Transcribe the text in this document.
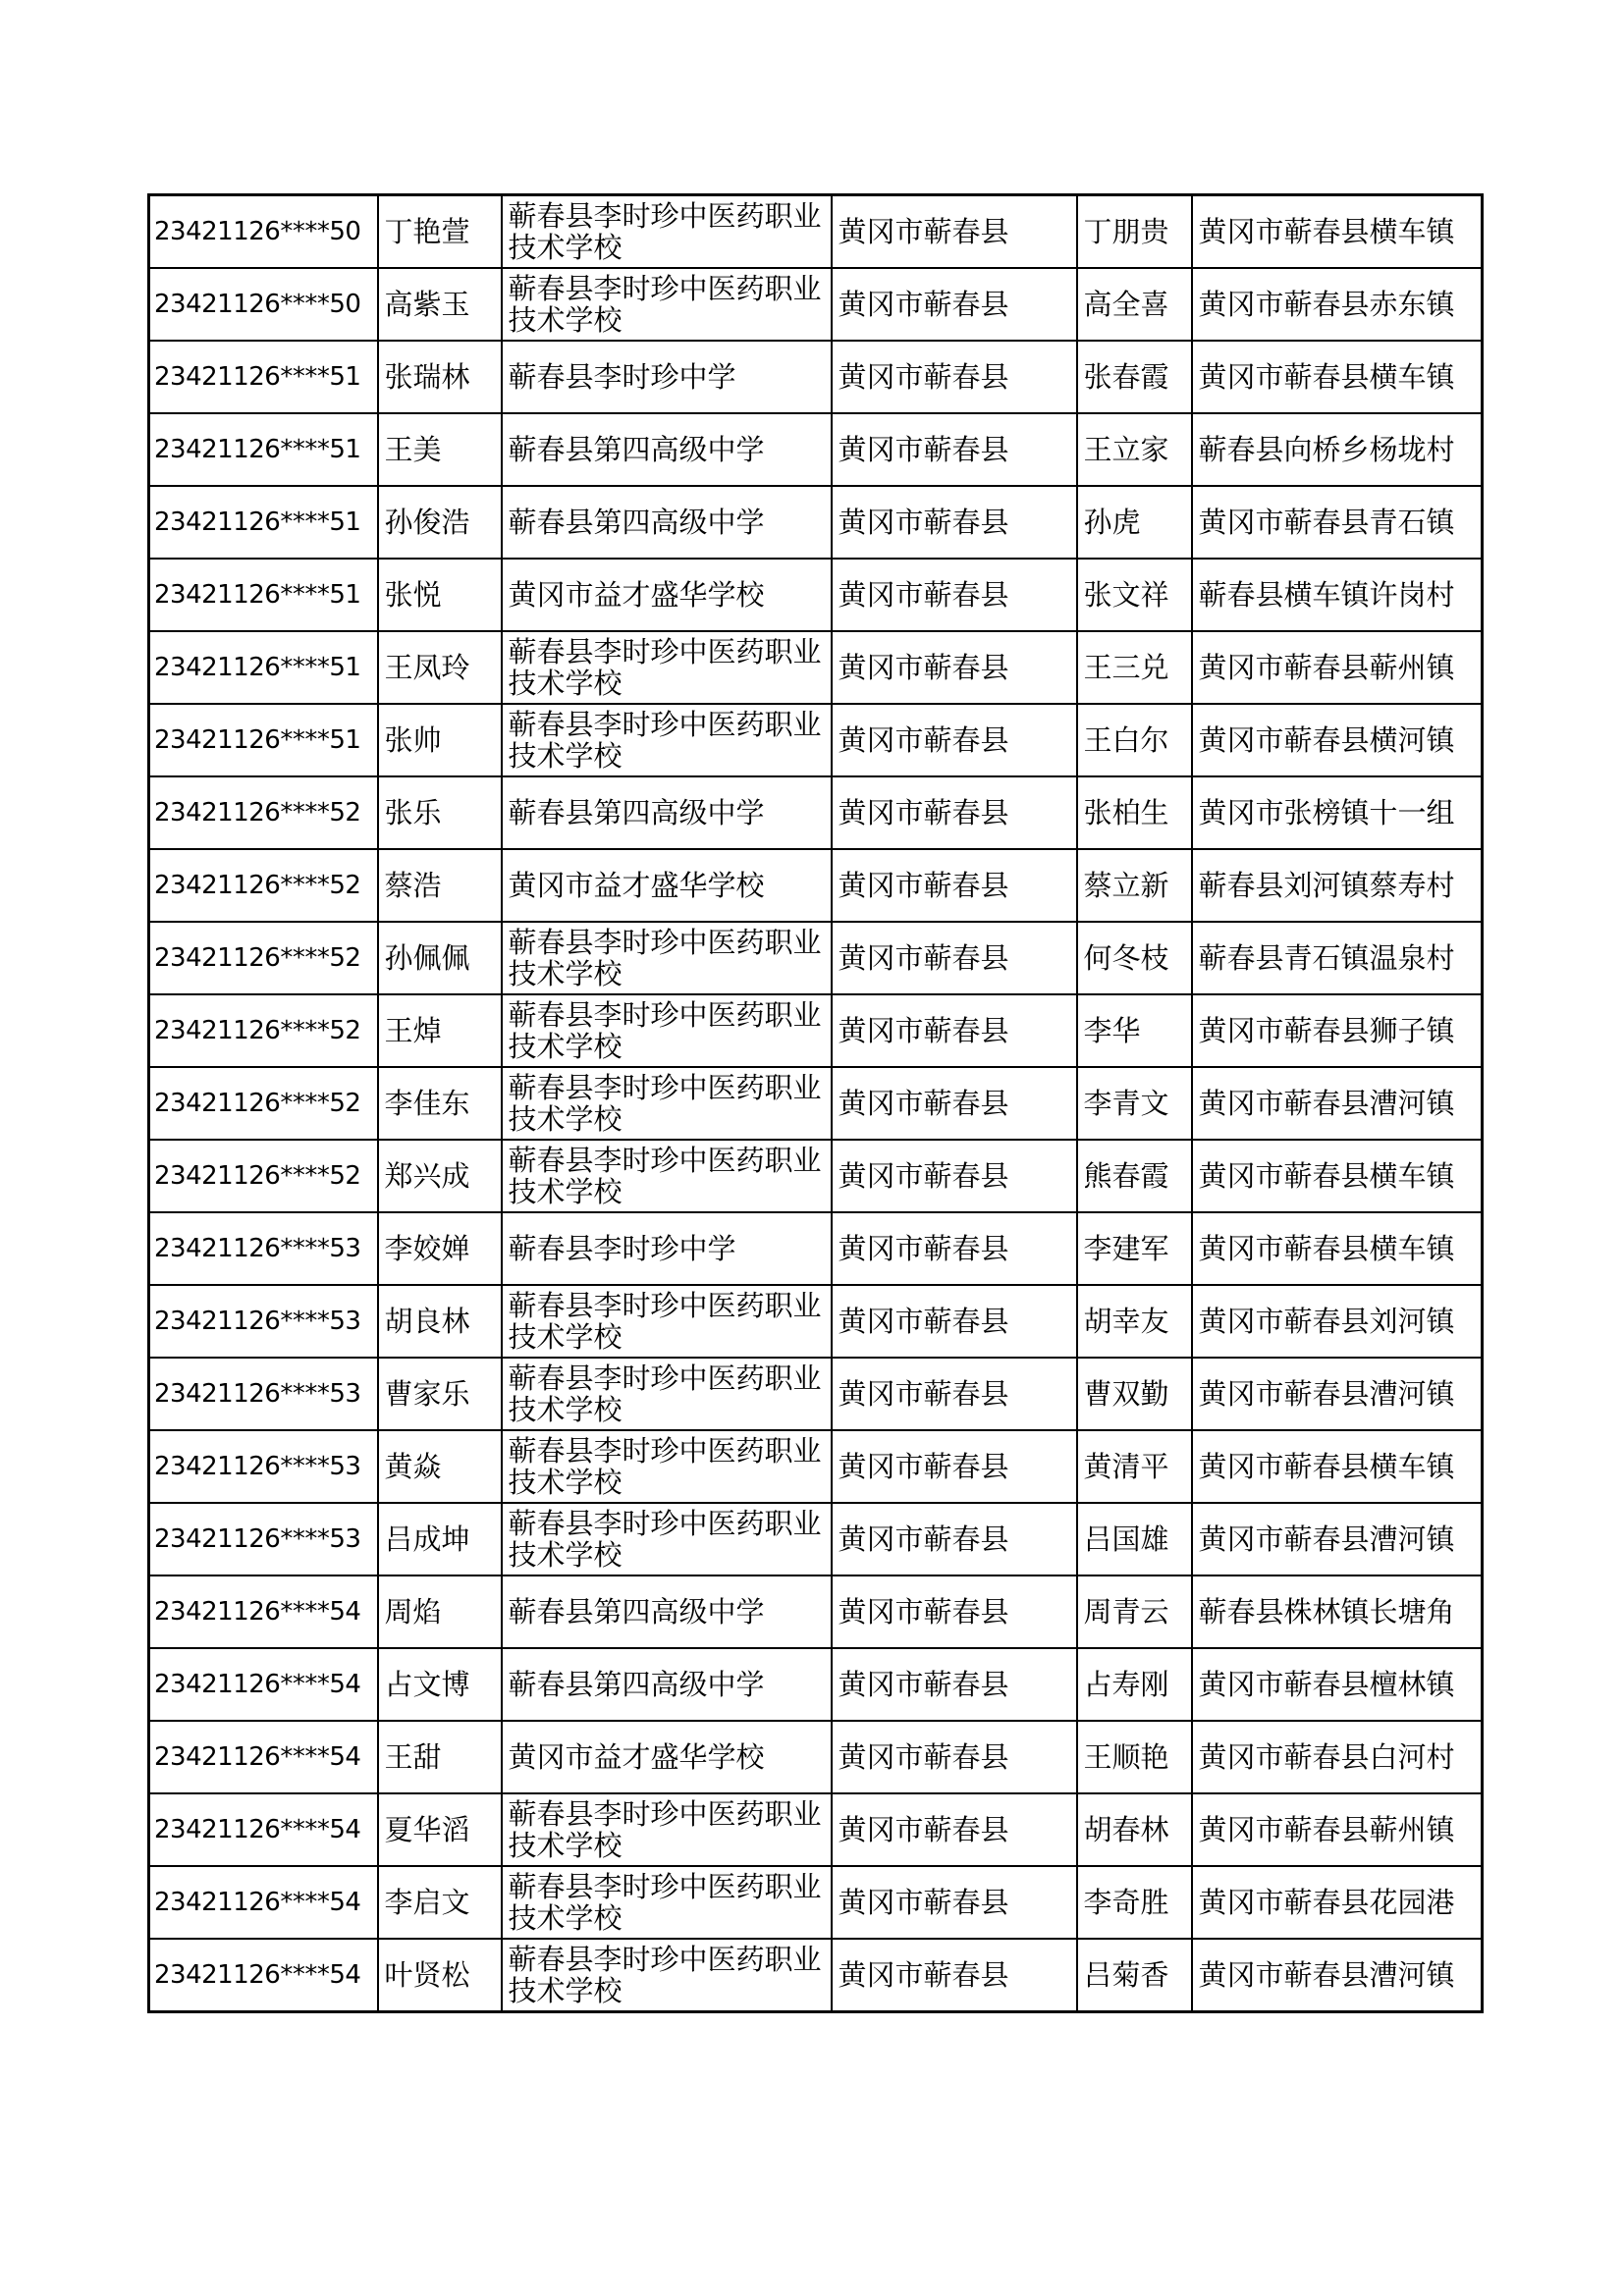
23421126****50	丁艳萱	蕲春县李时珍中医药职业技术学校	黄冈市蕲春县	丁朋贵	黄冈市蕲春县横车镇
23421126****50	高紫玉	蕲春县李时珍中医药职业技术学校	黄冈市蕲春县	高全喜	黄冈市蕲春县赤东镇
23421126****51	张瑞林	蕲春县李时珍中学	黄冈市蕲春县	张春霞	黄冈市蕲春县横车镇
23421126****51	王美	蕲春县第四高级中学	黄冈市蕲春县	王立家	蕲春县向桥乡杨垅村
23421126****51	孙俊浩	蕲春县第四高级中学	黄冈市蕲春县	孙虎	黄冈市蕲春县青石镇
23421126****51	张悦	黄冈市益才盛华学校	黄冈市蕲春县	张文祥	蕲春县横车镇许岗村
23421126****51	王凤玲	蕲春县李时珍中医药职业技术学校	黄冈市蕲春县	王三兑	黄冈市蕲春县蕲州镇
23421126****51	张帅	蕲春县李时珍中医药职业技术学校	黄冈市蕲春县	王白尔	黄冈市蕲春县横河镇
23421126****52	张乐	蕲春县第四高级中学	黄冈市蕲春县	张柏生	黄冈市张榜镇十一组
23421126****52	蔡浩	黄冈市益才盛华学校	黄冈市蕲春县	蔡立新	蕲春县刘河镇蔡寿村
23421126****52	孙佩佩	蕲春县李时珍中医药职业技术学校	黄冈市蕲春县	何冬枝	蕲春县青石镇温泉村
23421126****52	王焯	蕲春县李时珍中医药职业技术学校	黄冈市蕲春县	李华	黄冈市蕲春县狮子镇
23421126****52	李佳东	蕲春县李时珍中医药职业技术学校	黄冈市蕲春县	李青文	黄冈市蕲春县漕河镇
23421126****52	郑兴成	蕲春县李时珍中医药职业技术学校	黄冈市蕲春县	熊春霞	黄冈市蕲春县横车镇
23421126****53	李姣婵	蕲春县李时珍中学	黄冈市蕲春县	李建军	黄冈市蕲春县横车镇
23421126****53	胡良林	蕲春县李时珍中医药职业技术学校	黄冈市蕲春县	胡幸友	黄冈市蕲春县刘河镇
23421126****53	曹家乐	蕲春县李时珍中医药职业技术学校	黄冈市蕲春县	曹双勤	黄冈市蕲春县漕河镇
23421126****53	黄焱	蕲春县李时珍中医药职业技术学校	黄冈市蕲春县	黄清平	黄冈市蕲春县横车镇
23421126****53	吕成坤	蕲春县李时珍中医药职业技术学校	黄冈市蕲春县	吕国雄	黄冈市蕲春县漕河镇
23421126****54	周焰	蕲春县第四高级中学	黄冈市蕲春县	周青云	蕲春县株林镇长塘角
23421126****54	占文博	蕲春县第四高级中学	黄冈市蕲春县	占寿刚	黄冈市蕲春县檀林镇
23421126****54	王甜	黄冈市益才盛华学校	黄冈市蕲春县	王顺艳	黄冈市蕲春县白河村
23421126****54	夏华滔	蕲春县李时珍中医药职业技术学校	黄冈市蕲春县	胡春林	黄冈市蕲春县蕲州镇
23421126****54	李启文	蕲春县李时珍中医药职业技术学校	黄冈市蕲春县	李奇胜	黄冈市蕲春县花园港
23421126****54	叶贤松	蕲春县李时珍中医药职业技术学校	黄冈市蕲春县	吕菊香	黄冈市蕲春县漕河镇
